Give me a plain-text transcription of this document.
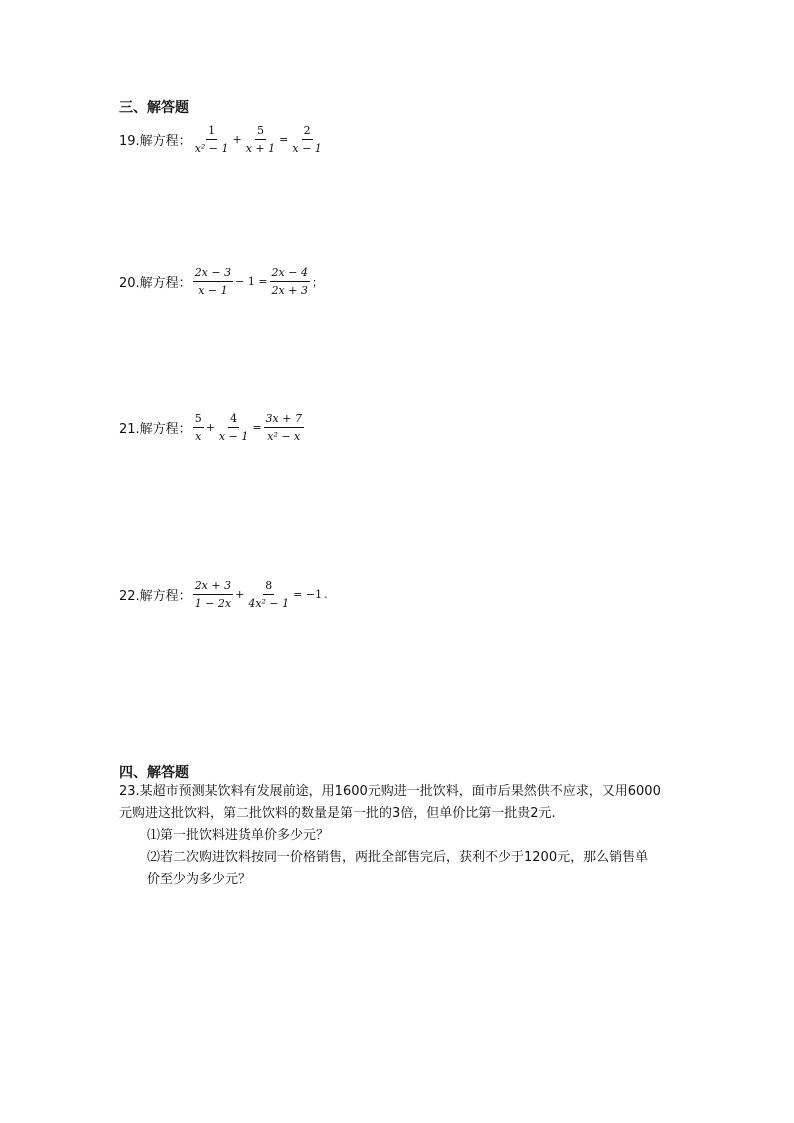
三、解答题
19.解方程： $\frac{1}{\text{x² − 1}} + \frac{5}{x + 1} = \frac{2}{x - 1}$
20.解方程： $\frac{2x - 3}{x - 1} - 1 = \frac{2x - 4}{2x + 3}$ ；
21.解方程： $\frac{5}{x} + \frac{4}{x - 1} = \frac{3x + 7}{\text{x² − x}}$
22.解方程： $\frac{2x + 3}{1 - 2x} + \frac{8}{\text{4x² − 1}} = -1$ .
四、解答题
23.某超市预测某饮料有发展前途，用1600元购进一批饮料，面市后果然供不应求，又用6000
元购进这批饮料，第二批饮料的数量是第一批的3倍，但单价比第一批贵2元.
⑴第一批饮料进货单价多少元？
⑵若二次购进饮料按同一价格销售，两批全部售完后，获利不少于1200元，那么销售单
价至少为多少元？
